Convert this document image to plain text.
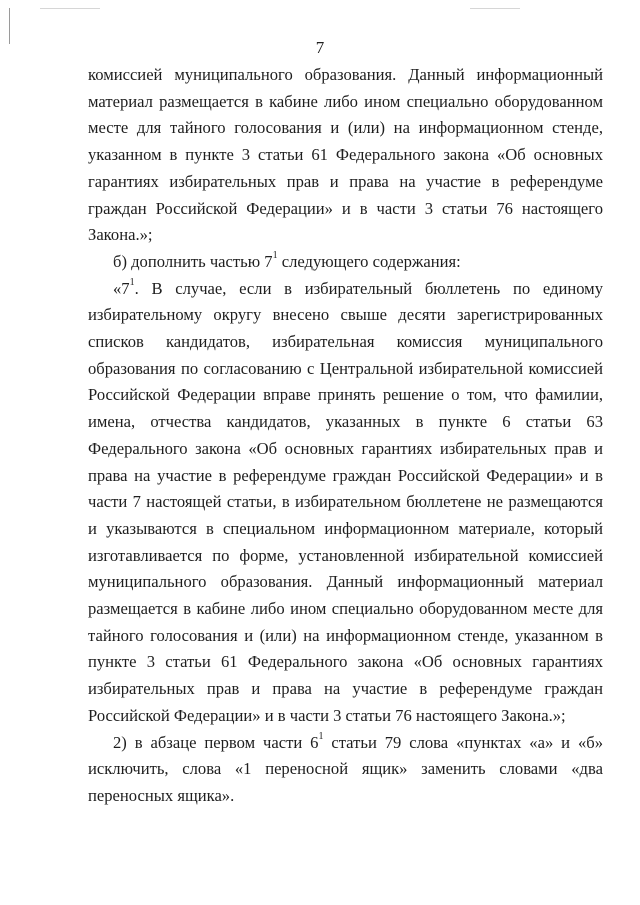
7

комиссией муниципального образования. Данный информационный материал размещается в кабине либо ином специально оборудованном месте для тайного голосования и (или) на информационном стенде, указанном в пункте 3 статьи 61 Федерального закона «Об основных гарантиях избирательных прав и права на участие в референдуме граждан Российской Федерации» и в части 3 статьи 76 настоящего Закона.»;

б) дополнить частью $7^1$ следующего содержания:

«$7^1$. В случае, если в избирательный бюллетень по единому избирательному округу внесено свыше десяти зарегистрированных списков кандидатов, избирательная комиссия муниципального образования по согласованию с Центральной избирательной комиссией Российской Федерации вправе принять решение о том, что фамилии, имена, отчества кандидатов, указанных в пункте 6 статьи 63 Федерального закона «Об основных гарантиях избирательных прав и права на участие в референдуме граждан Российской Федерации» и в части 7 настоящей статьи, в избирательном бюллетене не размещаются и указываются в специальном информационном материале, который изготавливается по форме, установленной избирательной комиссией муниципального образования. Данный информационный материал размещается в кабине либо ином специально оборудованном месте для тайного голосования и (или) на информационном стенде, указанном в пункте 3 статьи 61 Федерального закона «Об основных гарантиях избирательных прав и права на участие в референдуме граждан Российской Федерации» и в части 3 статьи 76 настоящего Закона.»;

2) в абзаце первом части $6^1$ статьи 79 слова «пунктах «а» и «б» исключить, слова «1 переносной ящик» заменить словами «два переносных ящика».
